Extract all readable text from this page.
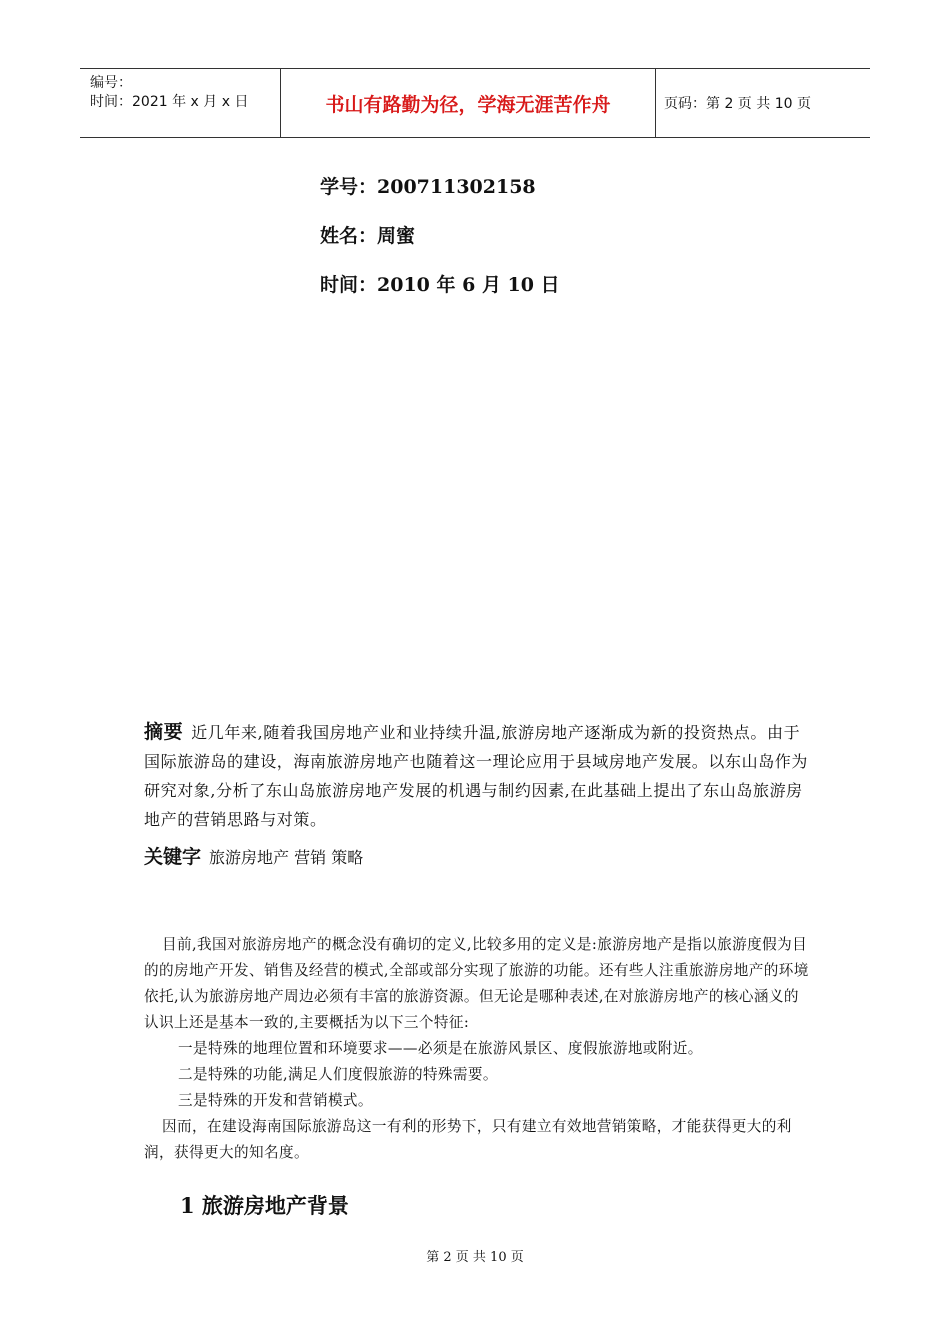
编号：
时间：2021 年 x 月 x 日	书山有路勤为径，学海无涯苦作舟	页码：第 2 页 共 10 页
学号：200711302158
姓名：周蜜
时间：2010 年 6 月 10 日
摘要 近几年来,随着我国房地产业和业持续升温,旅游房地产逐渐成为新的投资热点。由于国际旅游岛的建设，海南旅游房地产也随着这一理论应用于县域房地产发展。以东山岛作为研究对象,分析了东山岛旅游房地产发展的机遇与制约因素,在此基础上提出了东山岛旅游房地产的营销思路与对策。
关键字 旅游房地产 营销 策略

目前,我国对旅游房地产的概念没有确切的定义,比较多用的定义是:旅游房地产是指以旅游度假为目的的房地产开发、销售及经营的模式,全部或部分实现了旅游的功能。还有些人注重旅游房地产的环境依托,认为旅游房地产周边必须有丰富的旅游资源。但无论是哪种表述,在对旅游房地产的核心涵义的认识上还是基本一致的,主要概括为以下三个特征:

一是特殊的地理位置和环境要求——必须是在旅游风景区、度假旅游地或附近。

二是特殊的功能,满足人们度假旅游的特殊需要。

三是特殊的开发和营销模式。

因而，在建设海南国际旅游岛这一有利的形势下，只有建立有效地营销策略，才能获得更大的利润，获得更大的知名度。

1 旅游房地产背景
第 2 页 共 10 页
